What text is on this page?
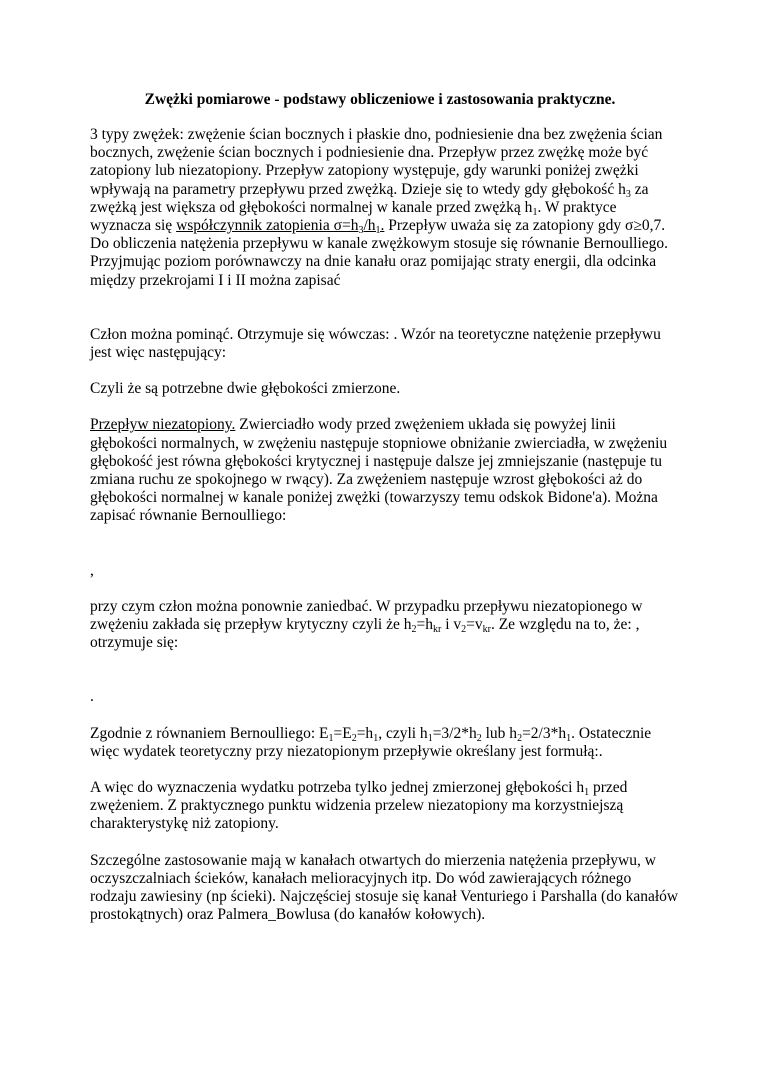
Zwężki pomiarowe - podstawy obliczeniowe i zastosowania praktyczne.

3 typy zwężek: zwężenie ścian bocznych i płaskie dno, podniesienie dna bez zwężenia ścian bocznych, zwężenie ścian bocznych i podniesienie dna. Przepływ przez zwężkę może być zatopiony lub niezatopiony. Przepływ zatopiony występuje, gdy warunki poniżej zwężki wpływają na parametry przepływu przed zwężką. Dzieje się to wtedy gdy głębokość $h_3$ za zwężką jest większa od głębokości normalnej w kanale przed zwężką $h_1$. W praktyce wyznacza się współczynnik zatopienia $\sigma=h_3/h_1$. Przepływ uważa się za zatopiony gdy σ≥0,7. Do obliczenia natężenia przepływu w kanale zwężkowym stosuje się równanie Bernoulliego. Przyjmując poziom porównawczy na dnie kanału oraz pomijając straty energii, dla odcinka między przekrojami I i II można zapisać

Człon można pominąć. Otrzymuje się wówczas: . Wzór na teoretyczne natężenie przepływu jest więc następujący:

Czyli że są potrzebne dwie głębokości zmierzone.

Przepływ niezatopiony. Zwierciadło wody przed zwężeniem układa się powyżej linii głębokości normalnych, w zwężeniu następuje stopniowe obniżanie zwierciadła, w zwężeniu głębokość jest równa głębokości krytycznej i następuje dalsze jej zmniejszanie (następuje tu zmiana ruchu ze spokojnego w rwący). Za zwężeniem następuje wzrost głębokości aż do głębokości normalnej w kanale poniżej zwężki (towarzyszy temu odskok Bidone'a). Można zapisać równanie Bernoulliego:

,

przy czym człon można ponownie zaniedbać. W przypadku przepływu niezatopionego w zwężeniu zakłada się przepływ krytyczny czyli że $h_2=h_{kr}$ i $v_2=v_{kr}$. Ze względu na to, że: , otrzymuje się:

.

Zgodnie z równaniem Bernoulliego: $E_1=E_2=h_1$, czyli $h_1=3/2*h_2$ lub $h_2=2/3*h_1$. Ostatecznie więc wydatek teoretyczny przy niezatopionym przepływie określany jest formułą:.

A więc do wyznaczenia wydatku potrzeba tylko jednej zmierzonej głębokości $h_1$ przed zwężeniem. Z praktycznego punktu widzenia przelew niezatopiony ma korzystniejszą charakterystykę niż zatopiony.

Szczególne zastosowanie mają w kanałach otwartych do mierzenia natężenia przepływu, w oczyszczalniach ścieków, kanałach melioracyjnych itp. Do wód zawierających różnego rodzaju zawiesiny (np ścieki). Najczęściej stosuje się kanał Venturiego i Parshalla (do kanałów prostokątnych) oraz Palmera_Bowlusa (do kanałów kołowych).
